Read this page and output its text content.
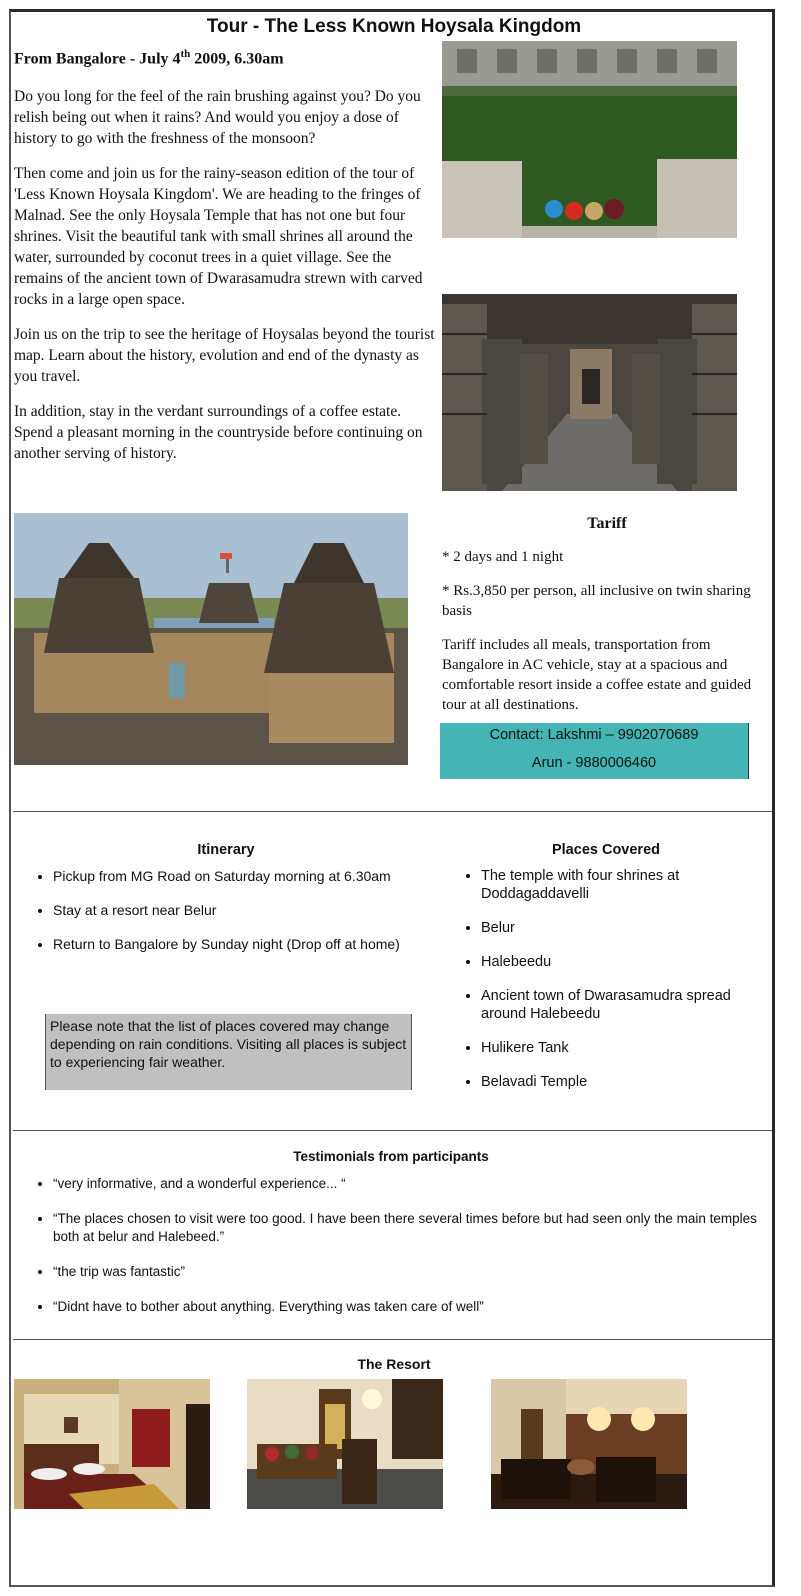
Tour - The Less Known Hoysala Kingdom
From Bangalore - July 4th 2009, 6.30am

Do you long for the feel of the rain brushing against you? Do you relish being out when it rains? And would you enjoy a dose of history to go with the freshness of the monsoon?

Then come and join us for the rainy-season edition of the tour of 'Less Known Hoysala Kingdom'. We are heading to the fringes of Malnad. See the only Hoysala Temple that has not one but four shrines. Visit the beautiful tank with small shrines all around the water, surrounded by coconut trees in a quiet village. See the remains of the ancient town of Dwarasamudra strewn with carved rocks in a large open space.

Join us on the trip to see the heritage of Hoysalas beyond the tourist map. Learn about the history, evolution and end of the dynasty as you travel.

In addition, stay in the verdant surroundings of a coffee estate. Spend a pleasant morning in the countryside before continuing on another serving of history.

Tariff

* 2 days and 1 night

* Rs.3,850 per person, all inclusive on twin sharing basis

Tariff includes all meals, transportation from Bangalore in AC vehicle, stay at a spacious and comfortable resort inside a coffee estate and guided tour at all destinations.

Contact: Lakshmi – 9902070689
Arun - 9880006460
Itinerary
• Pickup from MG Road on Saturday morning at 6.30am
• Stay at a resort near Belur
• Return to Bangalore by Sunday night (Drop off at home)
Please note that the list of places covered may change depending on rain conditions. Visiting all places is subject to experiencing fair weather.
Places Covered
• The temple with four shrines at Doddagaddavelli
• Belur
• Halebeedu
• Ancient town of Dwarasamudra spread around Halebeedu
• Hulikere Tank
• Belavadi Temple
Testimonials from participants
• “very informative, and a wonderful experience... “
• “The places chosen to visit were too good. I have been there several times before but had seen only the main temples both at belur and Halebeed.”
• “the trip was fantastic”
• “Didnt have to bother about anything. Everything was taken care of well”
The Resort
